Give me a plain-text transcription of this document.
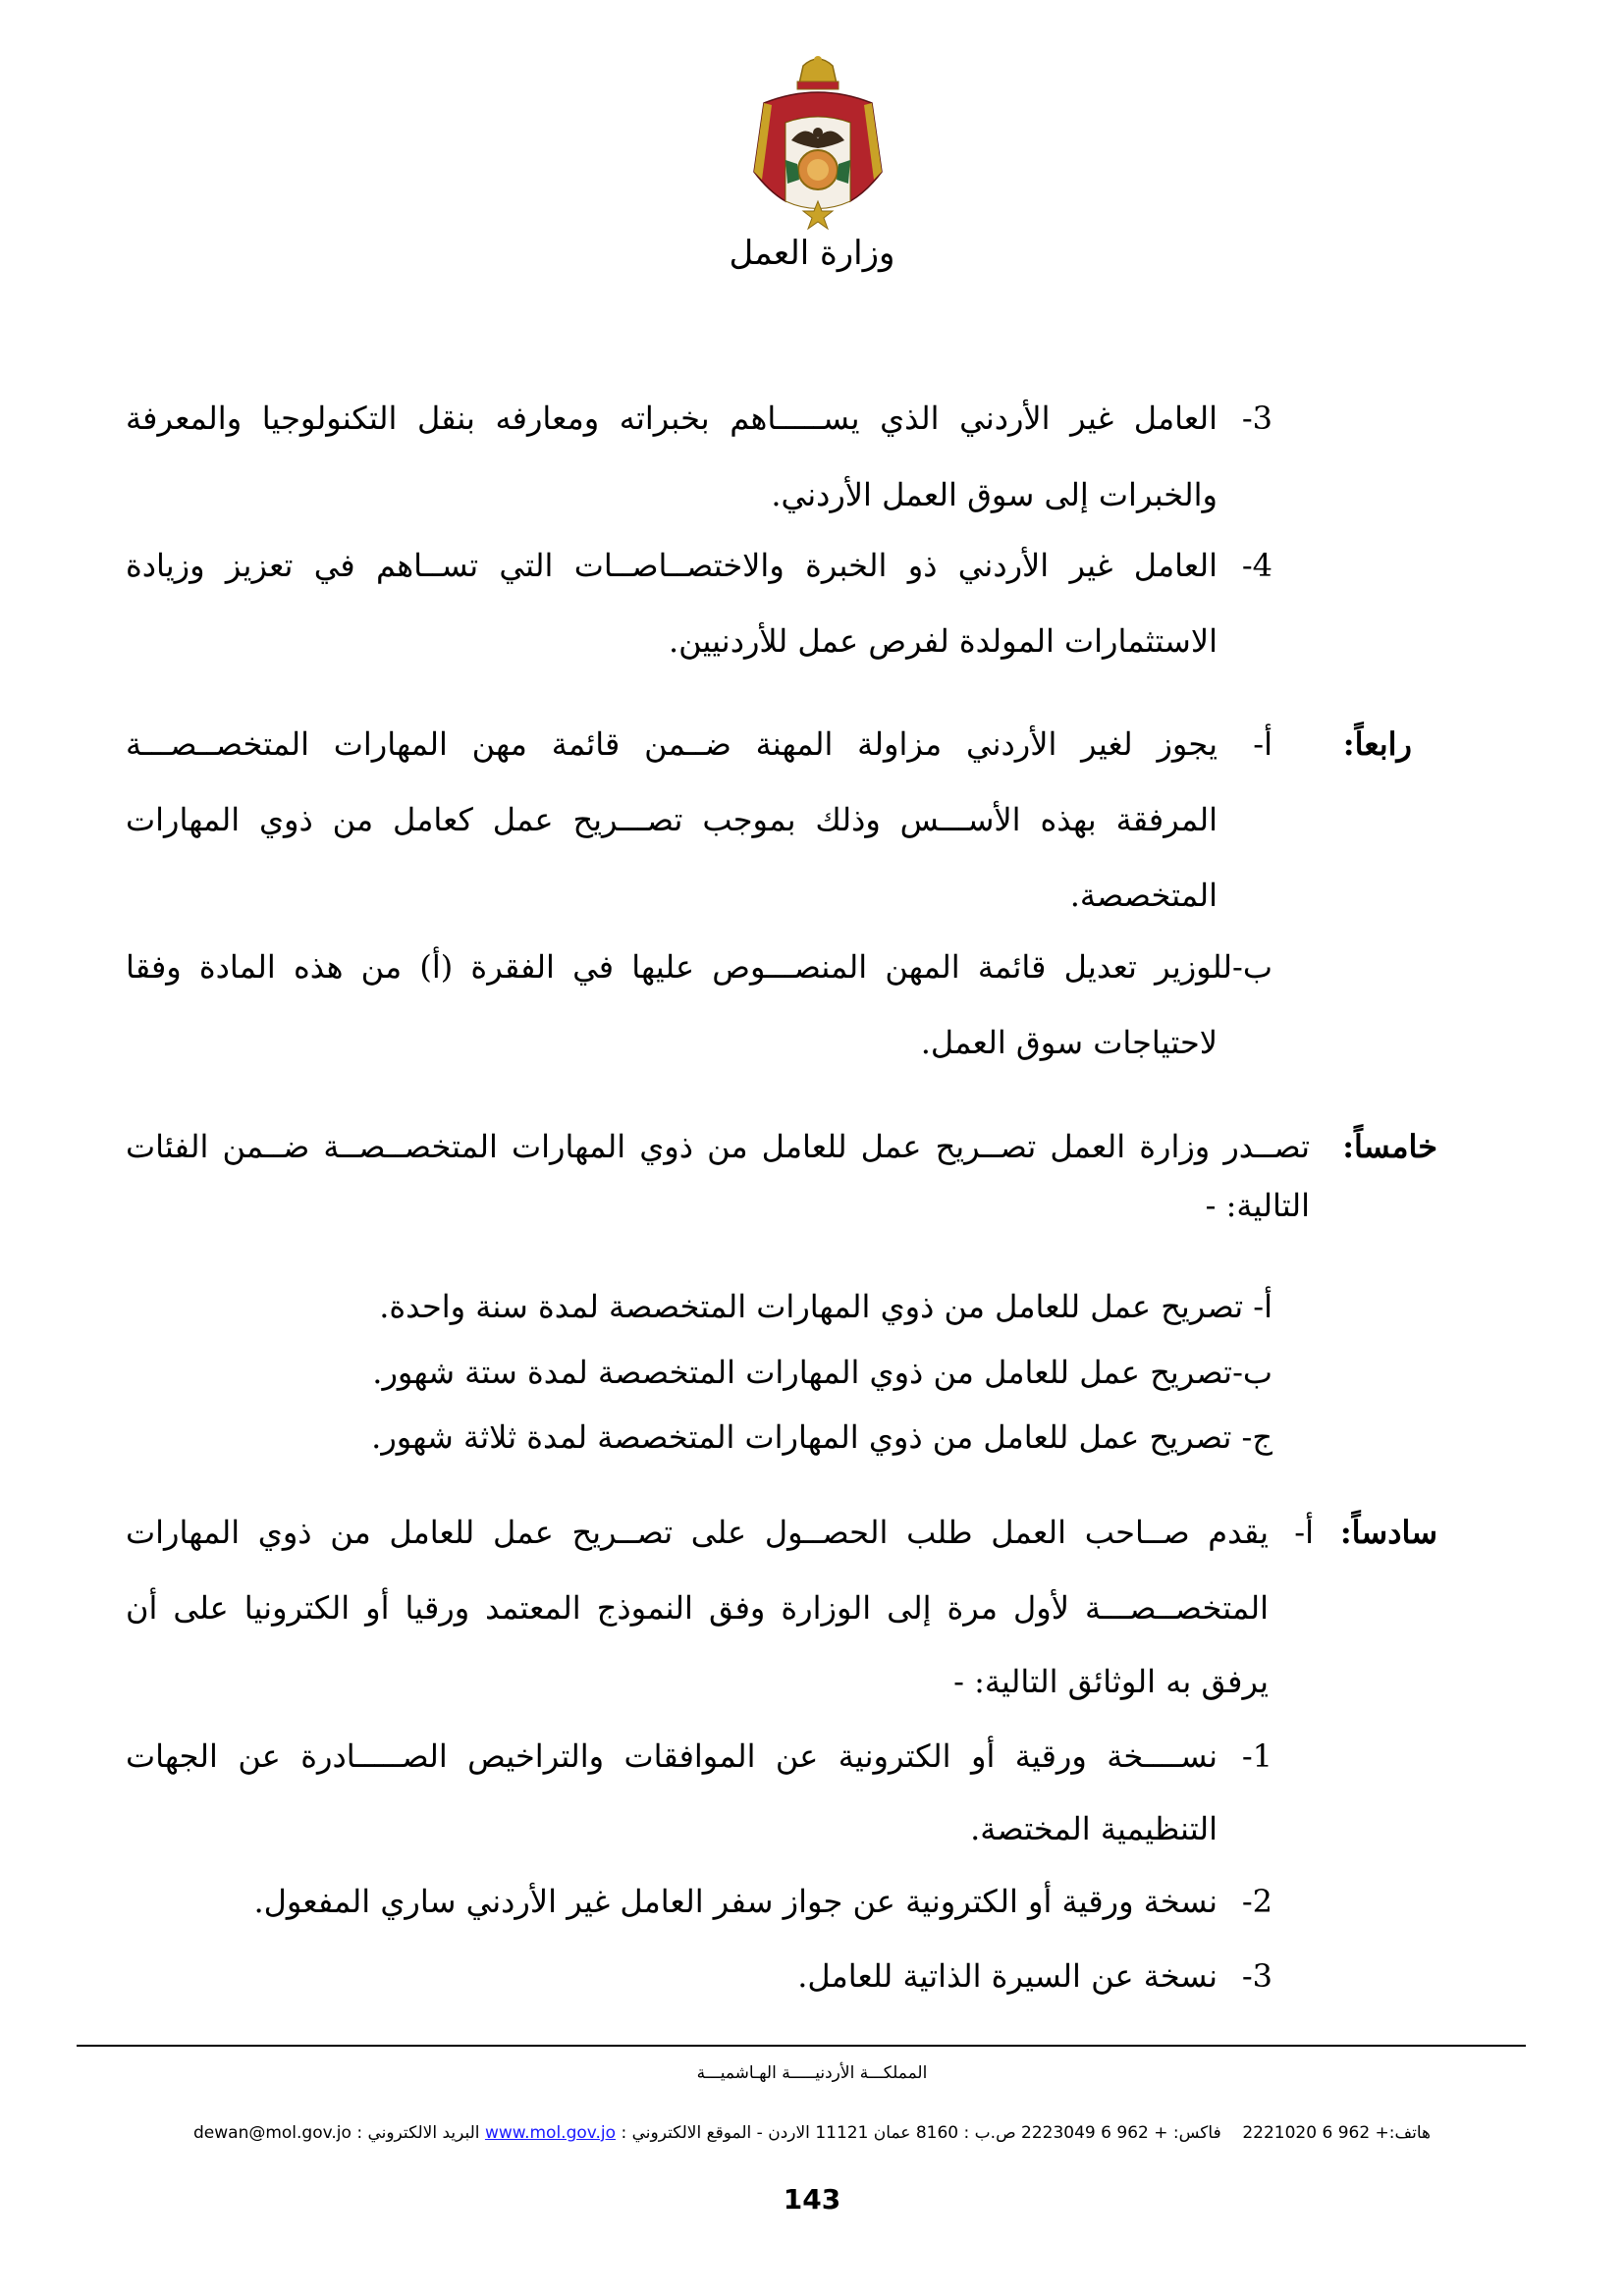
وزارة العمل
3-
العامل غير الأردني الذي يســـــاهم بخبراته ومعارفه بنقل التكنولوجيا والمعرفة
والخبرات إلى سوق العمل الأردني.
4-
العامل غير الأردني ذو الخبرة والاختصــاصــات التي تســاهم في تعزيز وزيادة
الاستثمارات المولدة لفرص عمل للأردنيين.
رابعاً:
أ-
يجوز لغير الأردني مزاولة المهنة ضــمن قائمة مهن المهارات المتخصــصـــة
المرفقة بهذه الأســـس وذلك بموجب تصـــريح عمل كعامل من ذوي المهارات
المتخصصة.
ب-للوزير تعديل قائمة المهن المنصـــوص عليها في الفقرة (أ) من هذه المادة وفقا
لاحتياجات سوق العمل.
خامساً:
تصــدر وزارة العمل تصــريح عمل للعامل من ذوي المهارات المتخصــصــة ضــمن الفئات
التالية: -
أ- تصريح عمل للعامل من ذوي المهارات المتخصصة لمدة سنة واحدة.
ب-تصريح عمل للعامل من ذوي المهارات المتخصصة لمدة ستة شهور.
ج- تصريح عمل للعامل من ذوي المهارات المتخصصة لمدة ثلاثة شهور.
سادساً:
أ-
يقدم صــاحب العمل طلب الحصــول على تصــريح عمل للعامل من ذوي المهارات
المتخصــصـــة لأول مرة إلى الوزارة وفق النموذج المعتمد ورقيا أو الكترونيا على أن
يرفق به الوثائق التالية: -
1-
نســــخة ورقية أو الكترونية عن الموافقات والتراخيص الصـــــادرة عن الجهات
التنظيمية المختصة.
2-
نسخة ورقية أو الكترونية عن جواز سفر العامل غير الأردني ساري المفعول.
3-
نسخة عن السيرة الذاتية للعامل.
المملكـــة الأردنيـــــة الهـاشميـــة
هاتف:+ 962 6 2221020    فاكس: + 962 6 2223049 ص.ب : 8160 عمان 11121 الاردن - الموقع الالكتروني : www.mol.gov.jo البريد الالكتروني : dewan@mol.gov.jo
143
